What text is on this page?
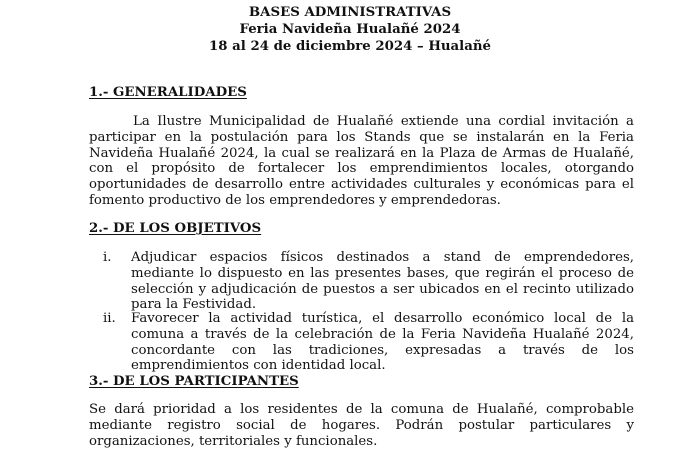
BASES ADMINISTRATIVAS
Feria Navideña Hualañé 2024
18 al 24 de diciembre 2024 – Hualañé
1.- GENERALIDADES
La Ilustre Municipalidad de Hualañé extiende una cordial invitación a participar en la postulación para los Stands que se instalarán en la Feria Navideña Hualañé 2024, la cual se realizará en la Plaza de Armas de Hualañé, con el propósito de fortalecer los emprendimientos locales, otorgando oportunidades de desarrollo entre actividades culturales y económicas para el fomento productivo de los emprendedores y emprendedoras.
2.- DE LOS OBJETIVOS
i.	Adjudicar espacios físicos destinados a stand de emprendedores, mediante lo dispuesto en las presentes bases, que regirán el proceso de selección y adjudicación de puestos a ser ubicados en el recinto utilizado para la Festividad.
ii.	Favorecer la actividad turística, el desarrollo económico local de la comuna a través de la celebración de la Feria Navideña Hualañé 2024, concordante con las tradiciones, expresadas a través de los emprendimientos con identidad local.
3.- DE LOS PARTICIPANTES
Se dará prioridad a los residentes de la comuna de Hualañé, comprobable mediante registro social de hogares. Podrán postular particulares y organizaciones, territoriales y funcionales.
